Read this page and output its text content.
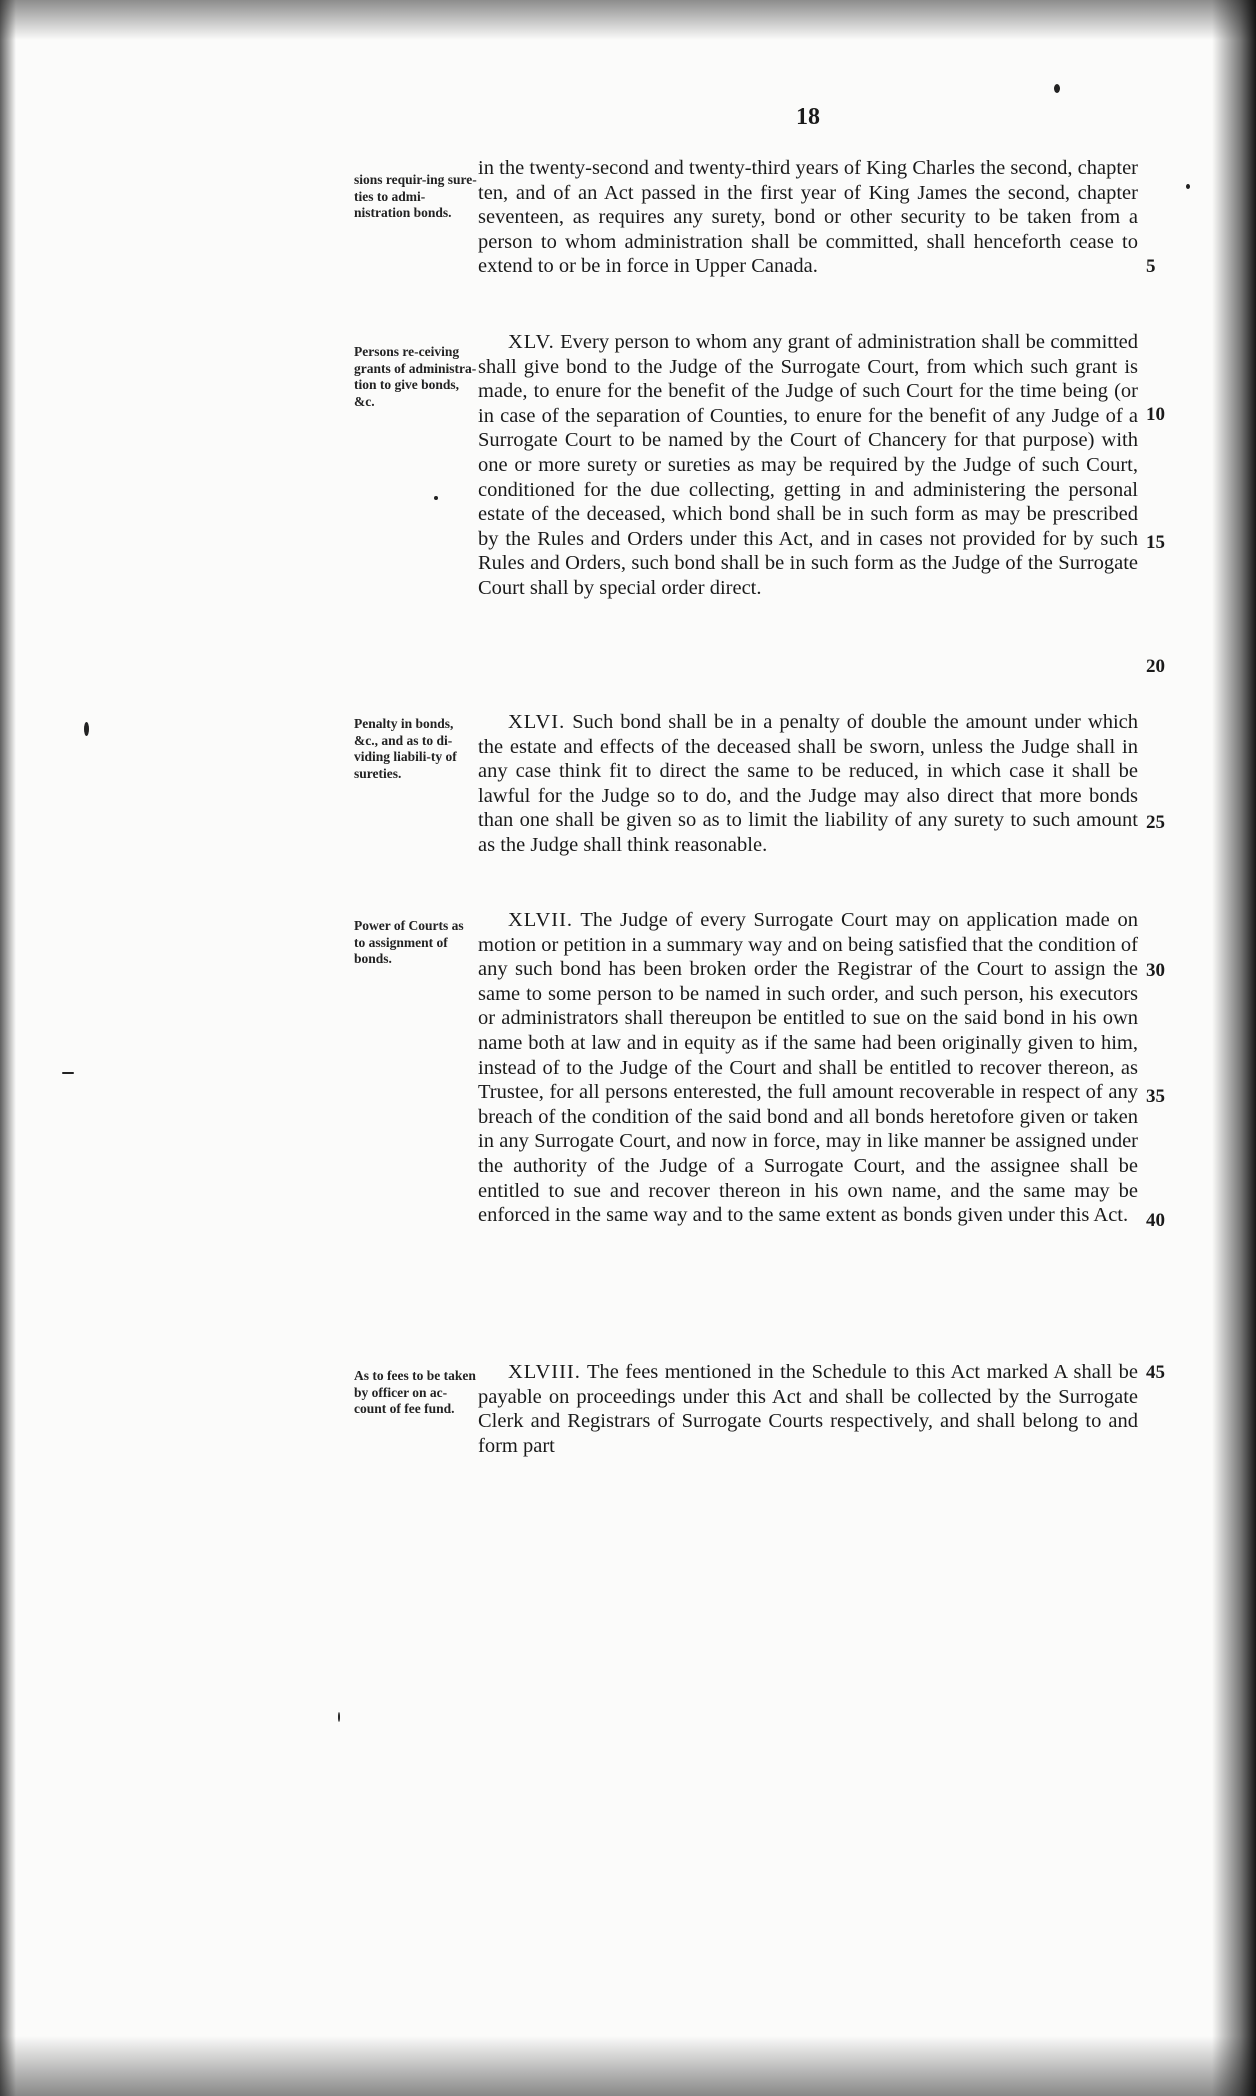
18
sions requir-ing sure-ties to admi-nistration bonds.

in the twenty-second and twenty-third years of King Charles the second, chapter ten, and of an Act passed in the first year of King James the second, chapter seventeen, as requires any surety, bond or other security to be taken from a person to whom administration shall be committed, shall henceforth cease to extend to or be in force in Upper Canada.

Persons re-ceiving grants of administra-tion to give bonds, &c.

XLV. Every person to whom any grant of administration shall be committed shall give bond to the Judge of the Surrogate Court, from which such grant is made, to enure for the benefit of the Judge of such Court for the time being (or in case of the separation of Counties, to enure for the benefit of any Judge of a Surrogate Court to be named by the Court of Chancery for that purpose) with one or more surety or sureties as may be required by the Judge of such Court, conditioned for the due collecting, getting in and administering the personal estate of the deceased, which bond shall be in such form as may be prescribed by the Rules and Orders under this Act, and in cases not provided for by such Rules and Orders, such bond shall be in such form as the Judge of the Surrogate Court shall by special order direct.

Penalty in bonds, &c., and as to di-viding liabili-ty of sureties.

XLVI. Such bond shall be in a penalty of double the amount under which the estate and effects of the deceased shall be sworn, unless the Judge shall in any case think fit to direct the same to be reduced, in which case it shall be lawful for the Judge so to do, and the Judge may also direct that more bonds than one shall be given so as to limit the liability of any surety to such amount as the Judge shall think reasonable.

Power of Courts as to assignment of bonds.

XLVII. The Judge of every Surrogate Court may on application made on motion or petition in a summary way and on being satisfied that the condition of any such bond has been broken order the Registrar of the Court to assign the same to some person to be named in such order, and such person, his executors or administrators shall thereupon be entitled to sue on the said bond in his own name both at law and in equity as if the same had been originally given to him, instead of to the Judge of the Court and shall be entitled to recover thereon, as Trustee, for all persons enterested, the full amount recoverable in respect of any breach of the condition of the said bond and all bonds heretofore given or taken in any Surrogate Court, and now in force, may in like manner be assigned under the authority of the Judge of a Surrogate Court, and the assignee shall be entitled to sue and recover thereon in his own name, and the same may be enforced in the same way and to the same extent as bonds given under this Act.

As to fees to be taken by officer on ac-count of fee fund.

XLVIII. The fees mentioned in the Schedule to this Act marked A shall be payable on proceedings under this Act and shall be collected by the Surrogate Clerk and Registrars of Surrogate Courts respectively, and shall belong to and form part

5
10
15
20
25
30
35
40
45
